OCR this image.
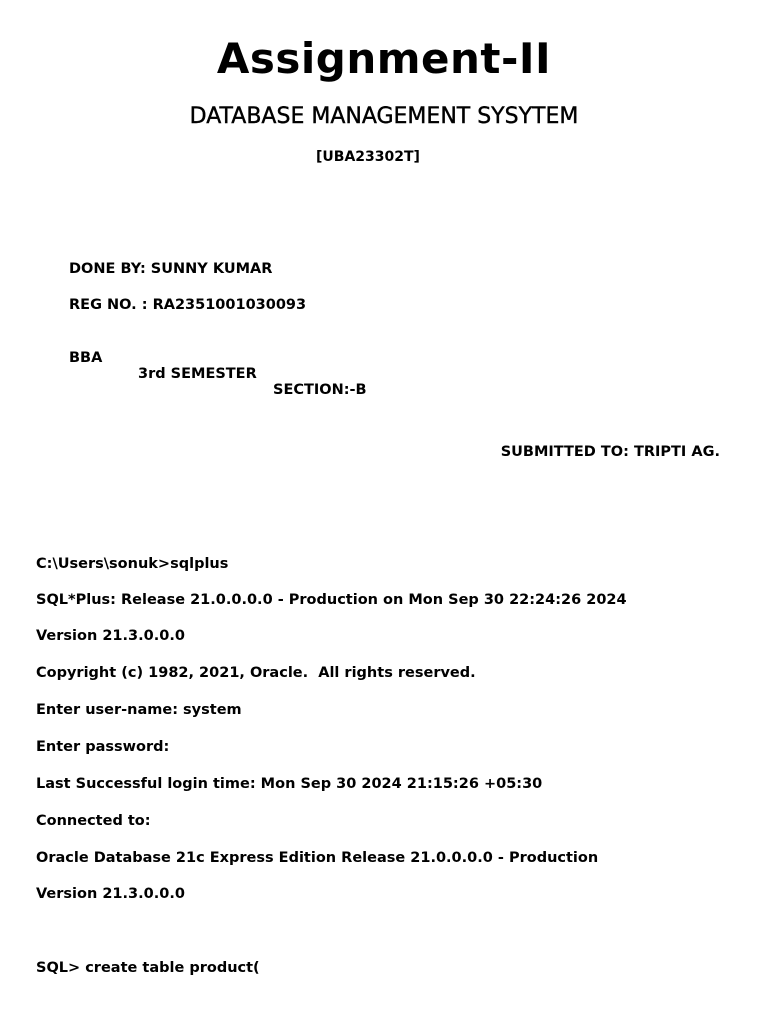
Assignment-II
DATABASE MANAGEMENT SYSYTEM
[UBA23302T]
DONE BY: SUNNY KUMAR
REG NO. : RA2351001030093

BBA

3rd SEMESTER

SECTION:-B

SUBMITTED TO: TRIPTI AG.
C:\Users\sonuk>sqlplus
SQL*Plus: Release 21.0.0.0.0 - Production on Mon Sep 30 22:24:26 2024
Version 21.3.0.0.0
Copyright (c) 1982, 2021, Oracle.  All rights reserved.
Enter user-name: system
Enter password:
Last Successful login time: Mon Sep 30 2024 21:15:26 +05:30
Connected to:
Oracle Database 21c Express Edition Release 21.0.0.0.0 - Production
Version 21.3.0.0.0
SQL> create table product(
